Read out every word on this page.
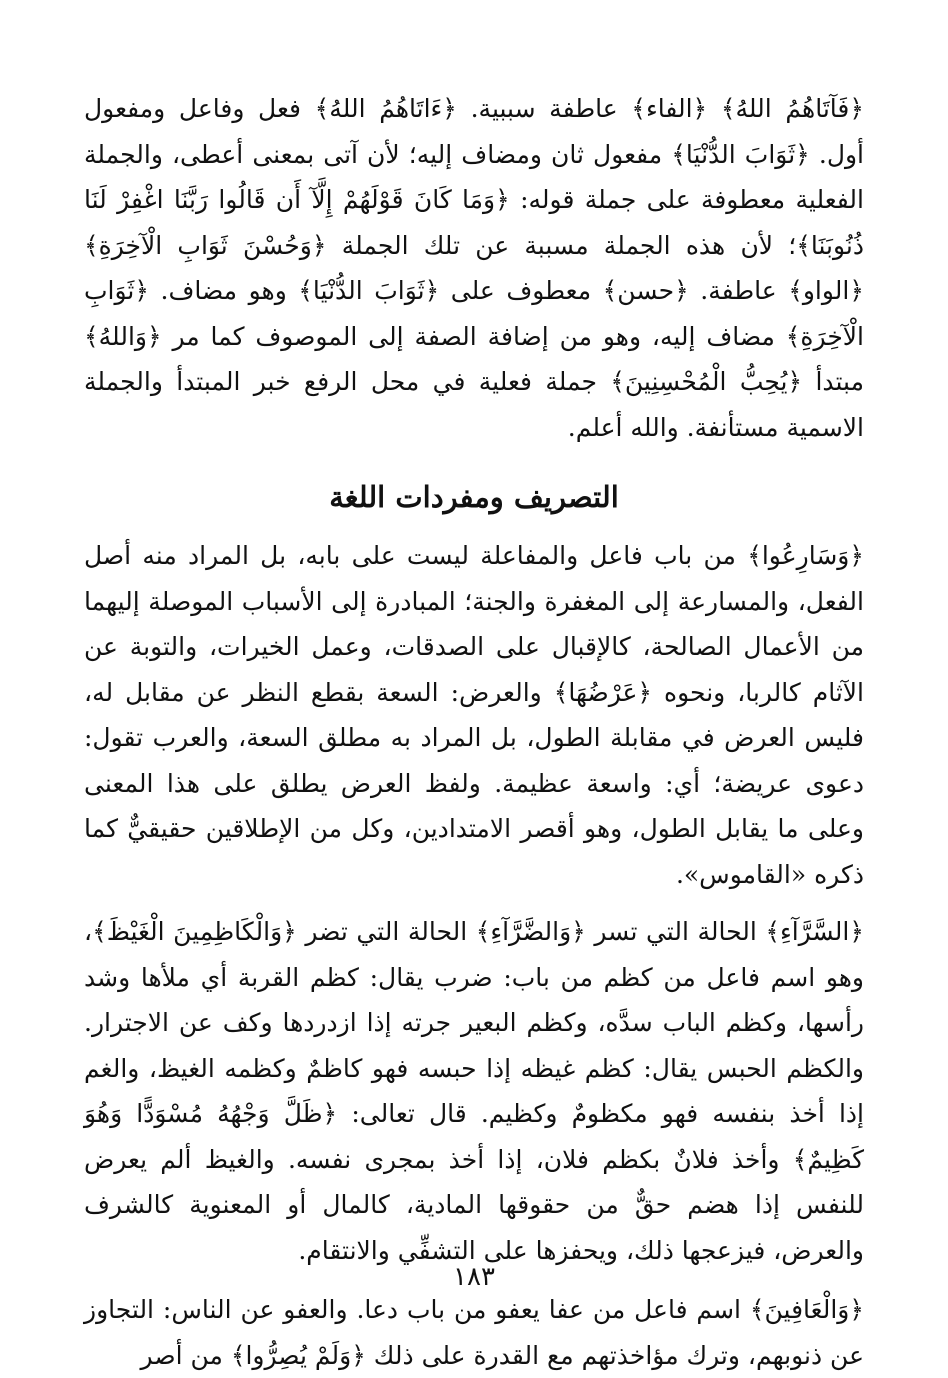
﴿فَآتَاهُمُ اللهُ﴾ ﴿الفاء﴾ عاطفة سببية. ﴿ءَاتَاهُمُ اللهُ﴾ فعل وفاعل ومفعول أول. ﴿ثَوَابَ الدُّنْيَا﴾ مفعول ثان ومضاف إليه؛ لأن آتى بمعنى أعطى، والجملة الفعلية معطوفة على جملة قوله: ﴿وَمَا كَانَ قَوْلَهُمْ إِلَّآ أَن قَالُوا رَبَّنَا اغْفِرْ لَنَا ذُنُوبَنَا﴾؛ لأن هذه الجملة مسببة عن تلك الجملة ﴿وَحُسْنَ ثَوَابِ الْآخِرَةِ﴾ ﴿الواو﴾ عاطفة. ﴿حسن﴾ معطوف على ﴿ثَوَابَ الدُّنْيَا﴾ وهو مضاف. ﴿ثَوَابِ الْآخِرَةِ﴾ مضاف إليه، وهو من إضافة الصفة إلى الموصوف كما مر ﴿وَاللهُ﴾ مبتدأ ﴿يُحِبُّ الْمُحْسِنِينَ﴾ جملة فعلية في محل الرفع خبر المبتدأ والجملة الاسمية مستأنفة. والله أعلم.

التصريف ومفردات اللغة

﴿وَسَارِعُوا﴾ من باب فاعل والمفاعلة ليست على بابه، بل المراد منه أصل الفعل، والمسارعة إلى المغفرة والجنة؛ المبادرة إلى الأسباب الموصلة إليهما من الأعمال الصالحة، كالإقبال على الصدقات، وعمل الخيرات، والتوبة عن الآثام كالربا، ونحوه ﴿عَرْضُهَا﴾ والعرض: السعة بقطع النظر عن مقابل له، فليس العرض في مقابلة الطول، بل المراد به مطلق السعة، والعرب تقول: دعوى عريضة؛ أي: واسعة عظيمة. ولفظ العرض يطلق على هذا المعنى وعلى ما يقابل الطول، وهو أقصر الامتدادين، وكل من الإطلاقين حقيقيٌّ كما ذكره «القاموس».

﴿السَّرَّآءِ﴾ الحالة التي تسر ﴿وَالضَّرَّآءِ﴾ الحالة التي تضر ﴿وَالْكَاظِمِينَ الْغَيْظَ﴾، وهو اسم فاعل من كظم من باب: ضرب يقال: كظم القربة أي ملأها وشد رأسها، وكظم الباب سدَّه، وكظم البعير جرته إذا ازدردها وكف عن الاجترار. والكظم الحبس يقال: كظم غيظه إذا حبسه فهو كاظمٌ وكظمه الغيظ، والغم إذا أخذ بنفسه فهو مكظومٌ وكظيم. قال تعالى: ﴿ظَلَّ وَجْهُهُ مُسْوَدًّا وَهُوَ كَظِيمٌ﴾ وأخذ فلانٌ بكظم فلان، إذا أخذ بمجرى نفسه. والغيظ ألم يعرض للنفس إذا هضم حقٌّ من حقوقها المادية، كالمال أو المعنوية كالشرف والعرض، فيزعجها ذلك، ويحفزها على التشفِّي والانتقام.

﴿وَالْعَافِينَ﴾ اسم فاعل من عفا يعفو من باب دعا. والعفو عن الناس: التجاوز عن ذنوبهم، وترك مؤاخذتهم مع القدرة على ذلك ﴿وَلَمْ يُصِرُّوا﴾ من أصر

١٨٣
